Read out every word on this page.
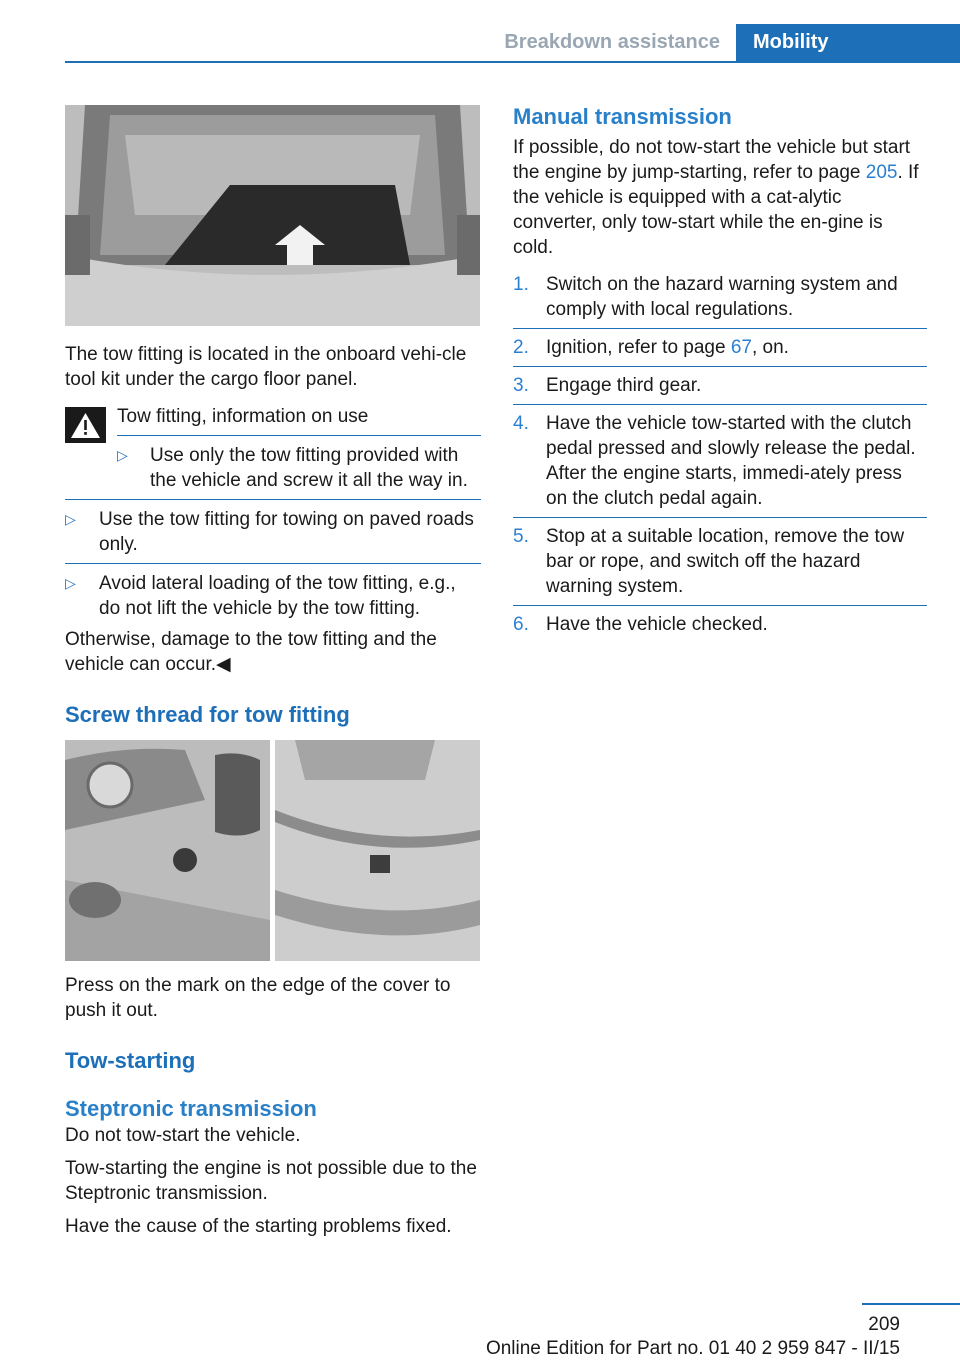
Breakdown assistance	Mobility

The tow fitting is located in the onboard vehi-cle tool kit under the cargo floor panel.

Tow fitting, information on use

▷ Use only the tow fitting provided with the vehicle and screw it all the way in.
▷ Use the tow fitting for towing on paved roads only.
▷ Avoid lateral loading of the tow fitting, e.g., do not lift the vehicle by the tow fitting.

Otherwise, damage to the tow fitting and the vehicle can occur.◀

Screw thread for tow fitting

Press on the mark on the edge of the cover to push it out.

Tow-starting
Steptronic transmission

Do not tow-start the vehicle.

Tow-starting the engine is not possible due to the Steptronic transmission.

Have the cause of the starting problems fixed.

Manual transmission

If possible, do not tow-start the vehicle but start the engine by jump-starting, refer to page 205. If the vehicle is equipped with a cat-alytic converter, only tow-start while the en-gine is cold.

1. Switch on the hazard warning system and comply with local regulations.
2. Ignition, refer to page 67, on.
3. Engage third gear.
4. Have the vehicle tow-started with the clutch pedal pressed and slowly release the pedal. After the engine starts, immedi-ately press on the clutch pedal again.
5. Stop at a suitable location, remove the tow bar or rope, and switch off the hazard warning system.
6. Have the vehicle checked.
209
Online Edition for Part no. 01 40 2 959 847 - II/15
